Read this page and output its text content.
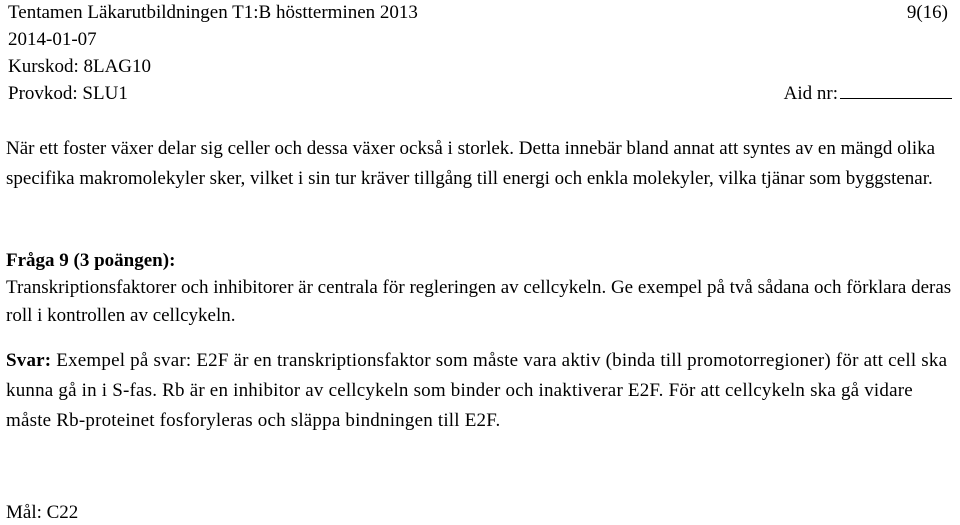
Tentamen Läkarutbildningen T1:B höstterminen 2013	9(16)
2014-01-07
Kurskod: 8LAG10
Provkod: SLU1	Aid nr:
När ett foster växer delar sig celler och dessa växer också i storlek. Detta innebär bland annat att syntes av en mängd olika specifika makromolekyler sker, vilket i sin tur kräver tillgång till energi och enkla molekyler, vilka tjänar som byggstenar.
Fråga 9 (3 poängen):
Transkriptionsfaktorer och inhibitorer är centrala för regleringen av cellcykeln. Ge exempel på två sådana och förklara deras roll i kontrollen av cellcykeln.
Svar: Exempel på svar: E2F är en transkriptionsfaktor som måste vara aktiv (binda till promotorregioner) för att cell ska kunna gå in i S-fas. Rb är en inhibitor av cellcykeln som binder och inaktiverar E2F. För att cellcykeln ska gå vidare måste Rb-proteinet fosforyleras och släppa bindningen till E2F.
Mål: C22
